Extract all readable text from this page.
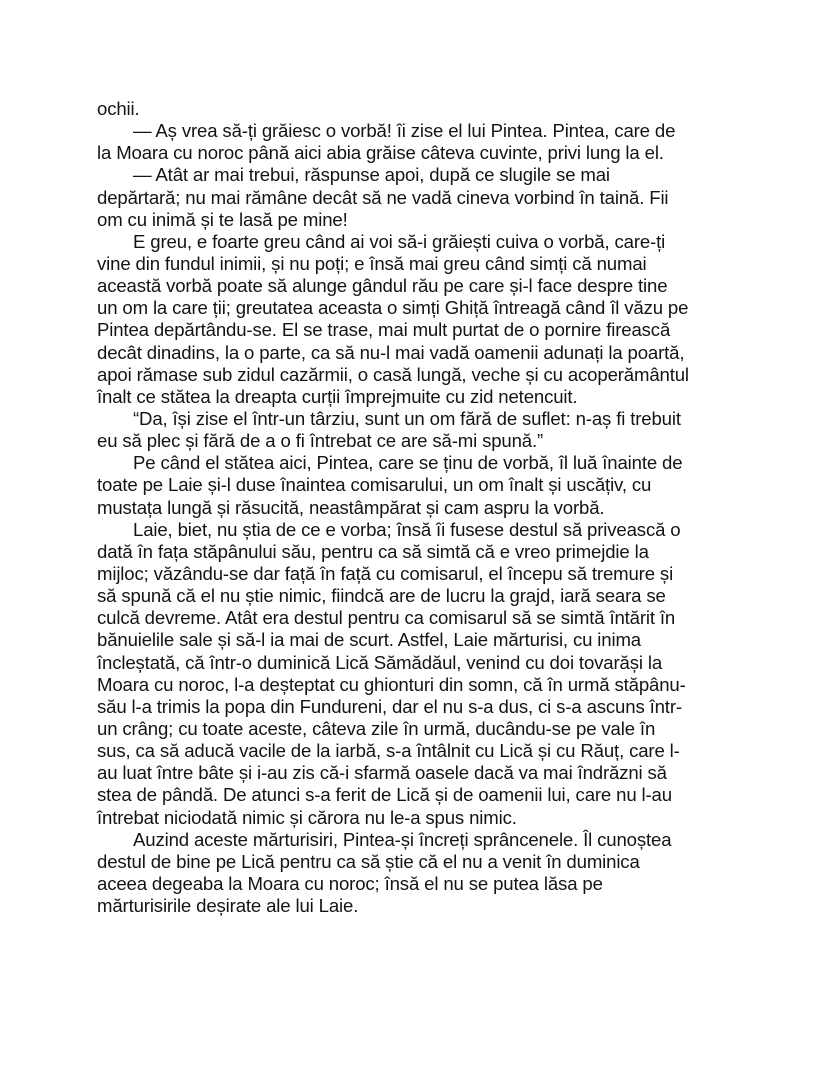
ochii.
— Aș vrea să-ți grăiesc o vorbă! îi zise el lui Pintea. Pintea, care de
la Moara cu noroc până aici abia grăise câteva cuvinte, privi lung la el.
— Atât ar mai trebui, răspunse apoi, după ce slugile se mai
depărtară; nu mai rămâne decât să ne vadă cineva vorbind în taină. Fii
om cu inimă și te lasă pe mine!
E greu, e foarte greu când ai voi să-i grăiești cuiva o vorbă, care-ți
vine din fundul inimii, și nu poți; e însă mai greu când simți că numai
această vorbă poate să alunge gândul rău pe care și-l face despre tine
un om la care ții; greutatea aceasta o simți Ghiță întreagă când îl văzu pe
Pintea depărtându-se. El se trase, mai mult purtat de o pornire firească
decât dinadins, la o parte, ca să nu-l mai vadă oamenii adunați la poartă,
apoi rămase sub zidul cazărmii, o casă lungă, veche și cu acoperământul
înalt ce stătea la dreapta curții împrejmuite cu zid netencuit.
“Da, își zise el într-un târziu, sunt un om fără de suflet: n-aș fi trebuit
eu să plec și fără de a o fi întrebat ce are să-mi spună.”
Pe când el stătea aici, Pintea, care se ținu de vorbă, îl luă înainte de
toate pe Laie și-l duse înaintea comisarului, un om înalt și uscățiv, cu
mustața lungă și răsucită, neastâmpărat și cam aspru la vorbă.
Laie, biet, nu știa de ce e vorba; însă îi fusese destul să privească o
dată în fața stăpânului său, pentru ca să simtă că e vreo primejdie la
mijloc; văzându-se dar față în față cu comisarul, el începu să tremure și
să spună că el nu știe nimic, fiindcă are de lucru la grajd, iară seara se
culcă devreme. Atât era destul pentru ca comisarul să se simtă întărit în
bănuielile sale și să-l ia mai de scurt. Astfel, Laie mărturisi, cu inima
încleștată, că într-o duminică Lică Sămădăul, venind cu doi tovarăși la
Moara cu noroc, l-a deșteptat cu ghionturi din somn, că în urmă stăpânu-
său l-a trimis la popa din Fundureni, dar el nu s-a dus, ci s-a ascuns într-
un crâng; cu toate aceste, câteva zile în urmă, ducându-se pe vale în
sus, ca să aducă vacile de la iarbă, s-a întâlnit cu Lică și cu Răuț, care l-
au luat între bâte și i-au zis că-i sfarmă oasele dacă va mai îndrăzni să
stea de pândă. De atunci s-a ferit de Lică și de oamenii lui, care nu l-au
întrebat niciodată nimic și cărora nu le-a spus nimic.
Auzind aceste mărturisiri, Pintea-și încreți sprâncenele. Îl cunoștea
destul de bine pe Lică pentru ca să știe că el nu a venit în duminica
aceea degeaba la Moara cu noroc; însă el nu se putea lăsa pe
mărturisirile deșirate ale lui Laie.
